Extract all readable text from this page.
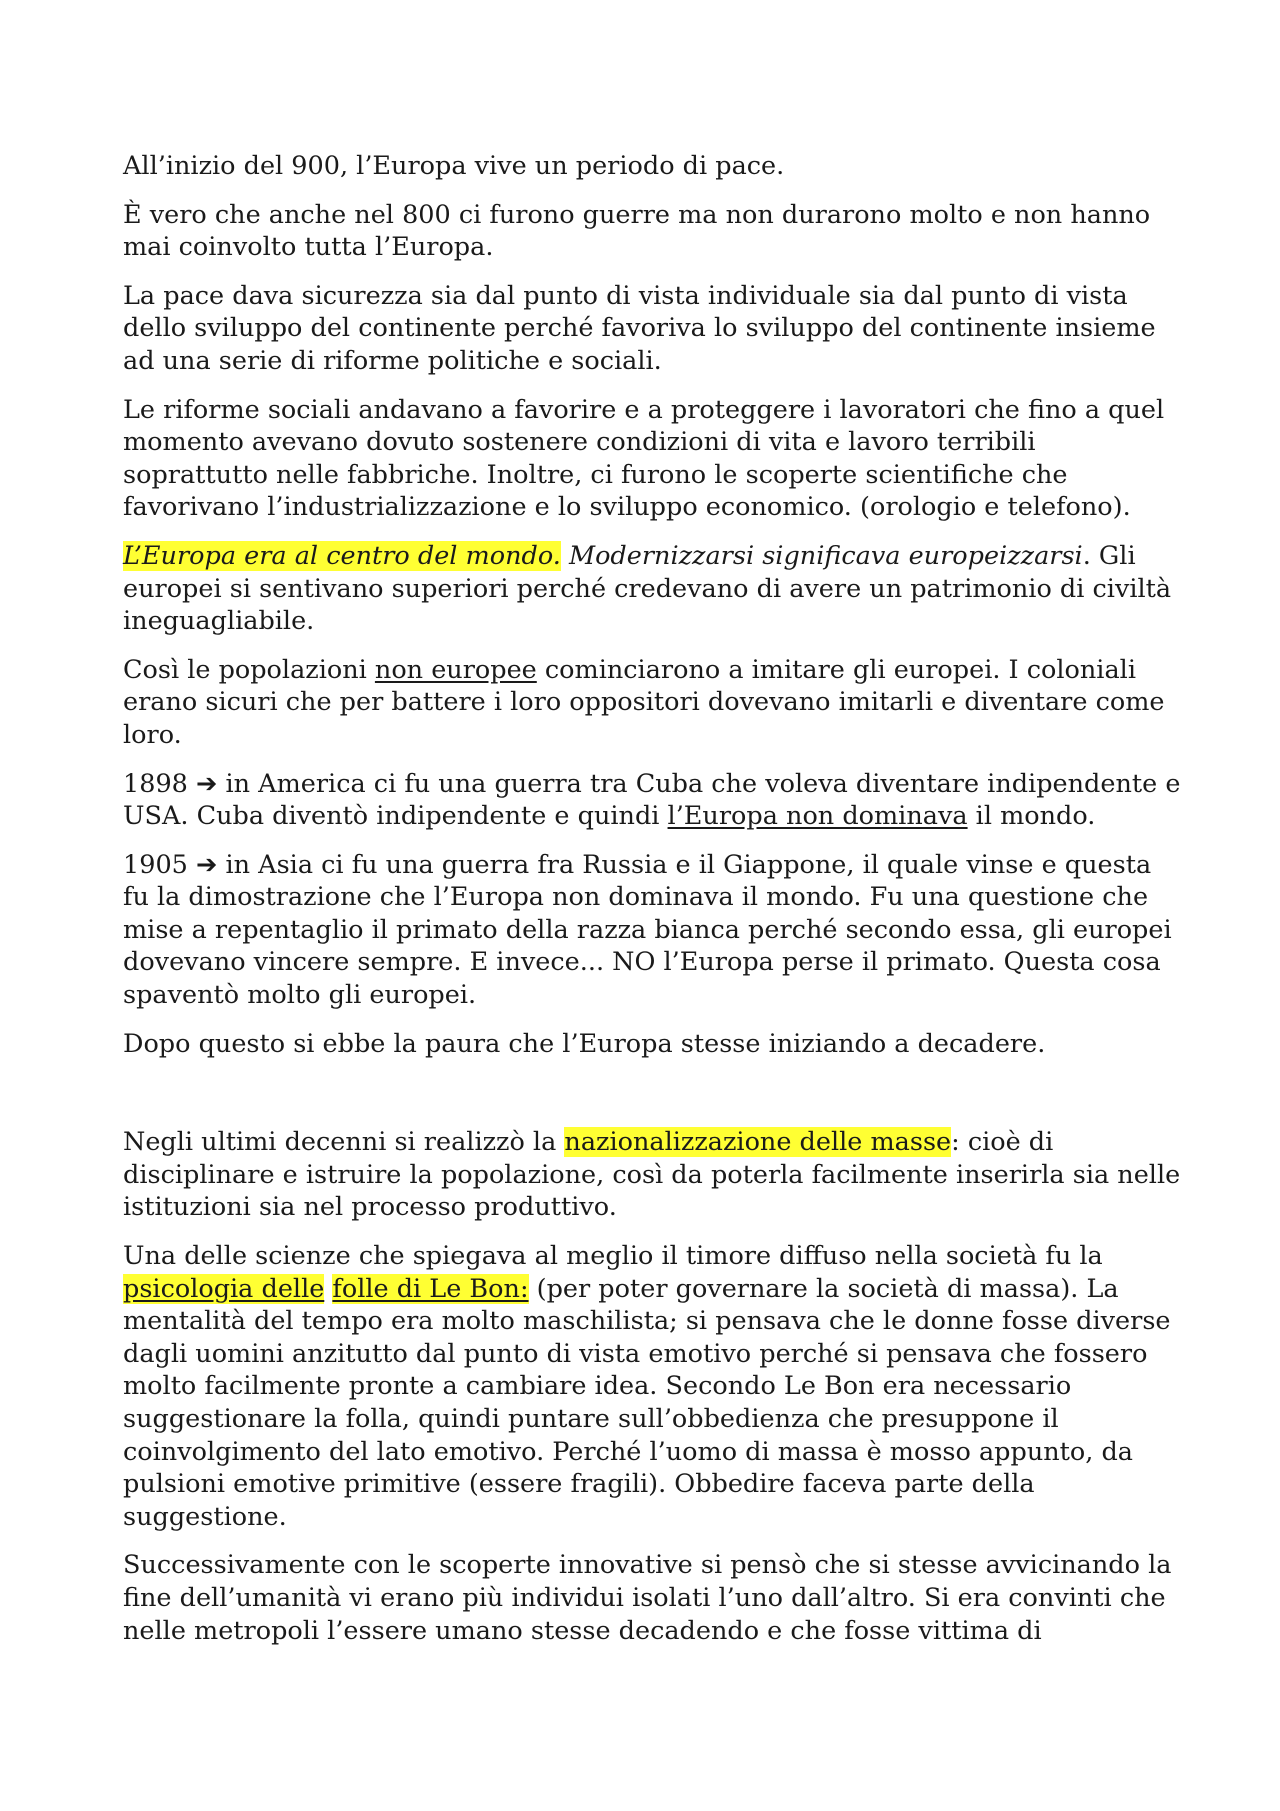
All’inizio del 900, l’Europa vive un periodo di pace.

È vero che anche nel 800 ci furono guerre ma non durarono molto e non hanno mai coinvolto tutta l’Europa.

La pace dava sicurezza sia dal punto di vista individuale sia dal punto di vista dello sviluppo del continente perché favoriva lo sviluppo del continente insieme ad una serie di riforme politiche e sociali.

Le riforme sociali andavano a favorire e a proteggere i lavoratori che fino a quel momento avevano dovuto sostenere condizioni di vita e lavoro terribili soprattutto nelle fabbriche. Inoltre, ci furono le scoperte scientifiche che favorivano l’industrializzazione e lo sviluppo economico. (orologio e telefono).

L’Europa era al centro del mondo. Modernizzarsi significava europeizzarsi. Gli europei si sentivano superiori perché credevano di avere un patrimonio di civiltà ineguagliabile.

Così le popolazioni non europee cominciarono a imitare gli europei. I coloniali erano sicuri che per battere i loro oppositori dovevano imitarli e diventare come loro.

1898 ➔ in America ci fu una guerra tra Cuba che voleva diventare indipendente e USA. Cuba diventò indipendente e quindi l’Europa non dominava il mondo.

1905 ➔ in Asia ci fu una guerra fra Russia e il Giappone, il quale vinse e questa fu la dimostrazione che l’Europa non dominava il mondo. Fu una questione che mise a repentaglio il primato della razza bianca perché secondo essa, gli europei dovevano vincere sempre. E invece... NO l’Europa perse il primato. Questa cosa spaventò molto gli europei.

Dopo questo si ebbe la paura che l’Europa stesse iniziando a decadere.

Negli ultimi decenni si realizzò la nazionalizzazione delle masse: cioè di disciplinare e istruire la popolazione, così da poterla facilmente inserirla sia nelle istituzioni sia nel processo produttivo.

Una delle scienze che spiegava al meglio il timore diffuso nella società fu la psicologia delle folle di Le Bon: (per poter governare la società di massa). La mentalità del tempo era molto maschilista; si pensava che le donne fosse diverse dagli uomini anzitutto dal punto di vista emotivo perché si pensava che fossero molto facilmente pronte a cambiare idea. Secondo Le Bon era necessario suggestionare la folla, quindi puntare sull’obbedienza che presuppone il coinvolgimento del lato emotivo. Perché l’uomo di massa è mosso appunto, da pulsioni emotive primitive (essere fragili). Obbedire faceva parte della suggestione.

Successivamente con le scoperte innovative si pensò che si stesse avvicinando la fine dell’umanità vi erano più individui isolati l’uno dall’altro. Si era convinti che nelle metropoli l’essere umano stesse decadendo e che fosse vittima di
